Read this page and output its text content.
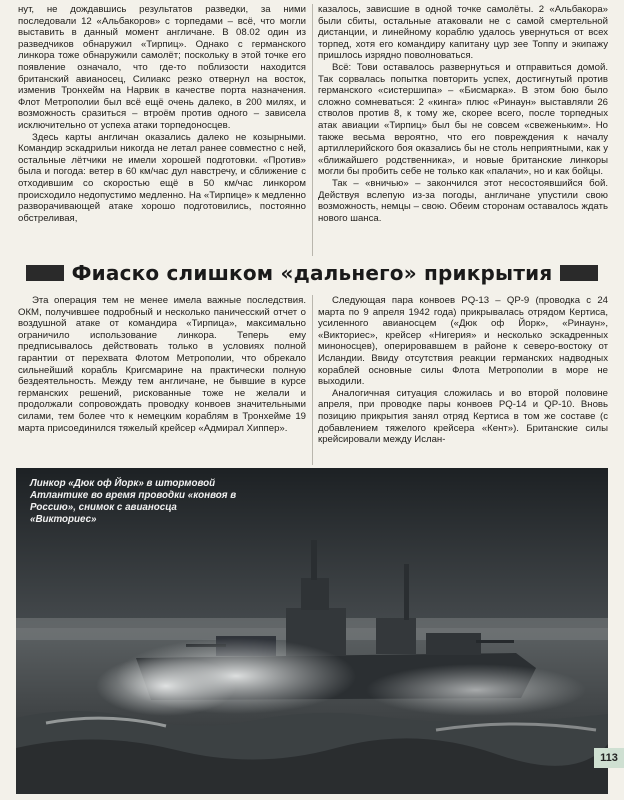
нут, не дождавшись результатов разведки, за ними последовали 12 «Альбакоров» с торпедами – всё, что могли выставить в данный момент англичане. В 08.02 один из разведчиков обнаружил «Тирпиц». Однако с германского линкора тоже обнаружили самолёт; поскольку в этой точке его появление означало, что где-то поблизости находится британский авианосец, Силиакс резко отвернул на восток, изменив Тронхейм на Нарвик в качестве порта назначения. Флот Метрополии был всё ещё очень далеко, в 200 милях, и возможность сразиться – втроём против одного – зависела исключительно от успеха атаки торпедоносцев.

Здесь карты англичан оказались далеко не козырными. Командир эскадрильи никогда не летал ранее совместно с ней, остальные лётчики не имели хорошей подготовки. «Против» была и погода: ветер в 60 км/час дул навстречу, и сближение с отходившим со скоростью ещё в 50 км/час линкором происходило недопустимо медленно. На «Тирпице» к медленно разворачивающей атаке хорошо подготовились, постоянно обстреливая,

казалось, зависшие в одной точке самолёты. 2 «Альбакора» были сбиты, остальные атаковали не с самой смертельной дистанции, и линейному кораблю удалось увернуться от всех торпед, хотя его командиру капитану цур зее Топпу и экипажу пришлось изрядно поволноваться.

Всё: Тови оставалось развернуться и отправиться домой. Так сорвалась попытка повторить успех, достигнутый против германского «систершипа» – «Бисмарка». В этом бою было сложно сомневаться: 2 «кинга» плюс «Ринаун» выставляли 26 стволов против 8, к тому же, скорее всего, после торпедных атак авиации «Тирпиц» был бы не совсем «свеженьким». Но также весьма вероятно, что его повреждения к началу артиллерийского боя оказались бы не столь неприятными, как у «ближайшего родственника», и новые британские линкоры могли бы пробить себе не только как «палачи», но и как бойцы.

Так – «вничью» – закончился этот несостоявшийся бой. Действуя вслепую из-за погоды, англичане упустили свою возможность, немцы – свою. Обеим сторонам оставалось ждать нового шанса.

Фиаско слишком «дальнего» прикрытия

Эта операция тем не менее имела важные последствия. ОКМ, получившее подробный и несколько паничесский отчет о воздушной атаке от командира «Тирпица», максимально ограничило использование линкора. Теперь ему предписывалось действовать только в условиях полной гарантии от перехвата Флотом Метрополии, что обрекало сильнейший корабль Кригсмарине на практически полную бездеятельность. Между тем англичане, не бывшие в курсе германских решений, рискованные тоже не желали и продолжали сопровождать проводку конвоев значительными силами, тем более что к немецким кораблям в Тронхейме 19 марта присоединился тяжелый крейсер «Адмирал Хиппер».

Следующая пара конвоев PQ-13 – QP-9 (проводка с 24 марта по 9 апреля 1942 года) прикрывалась отрядом Кертиса, усиленного авианосцем («Дюк оф Йорк», «Ринаун», «Викториес», крейсер «Нигерия» и несколько эскадренных миноносцев), оперировавшем в районе к северо-востоку от Исландии. Ввиду отсутствия реакции германских надводных кораблей основные силы Флота Метрополии в море не выходили.

Аналогичная ситуация сложилась и во второй половине апреля, при проводке пары конвоев PQ-14 и QP-10. Вновь позицию прикрытия занял отряд Кертиса в том же составе (с добавлением тяжелого крейсера «Кент»). Британские силы крейсировали между Ислан-

Линкор «Дюк оф Йорк» в штормовой Атлантике во время проводки «конвоя в Россию», снимок с авианосца «Викториес»
113
